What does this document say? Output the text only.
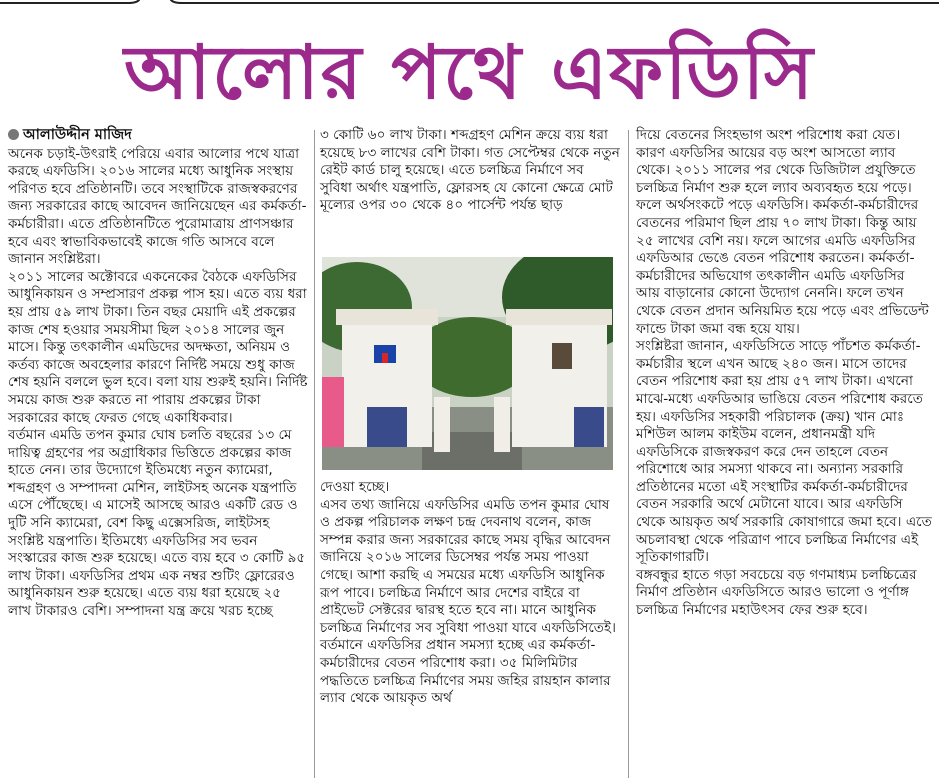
আলোর পথে এফডিসি
আলাউদ্দীন মাজিদ

অনেক চড়াই-উৎরাই পেরিয়ে এবার আলোর পথে যাত্রা করছে এফডিসি। ২০১৬ সালের মধ্যে আধুনিক সংস্থায় পরিণত হবে প্রতিষ্ঠানটি। তবে সংস্থাটিকে রাজস্বকরণের জন্য সরকারের কাছে আবেদন জানিয়েছেন এর কর্মকর্তা-কর্মচারীরা। এতে প্রতিষ্ঠানটিতে পুরোমাত্রায় প্রাণসঞ্চার হবে এবং স্বাভাবিকভাবেই কাজে গতি আসবে বলে জানান সংশ্লিষ্টরা।

২০১১ সালের অক্টোবরে একনেকের বৈঠকে এফডিসির আধুনিকায়ন ও সম্প্রসারণ প্রকল্প পাস হয়। এতে ব্যয় ধরা হয় প্রায় ৫৯ লাখ টাকা। তিন বছর মেয়াদি এই প্রকল্পের কাজ শেষ হওয়ার সময়সীমা ছিল ২০১৪ সালের জুন মাসে। কিন্তু তৎকালীন এমডিদের অদক্ষতা, অনিয়ম ও কর্তব্য কাজে অবহেলার কারণে নির্দিষ্ট সময়ে শুধু কাজ শেষ হয়নি বললে ভুল হবে। বলা যায় শুরুই হয়নি। নির্দিষ্ট সময়ে কাজ শুরু করতে না পারায় প্রকল্পের টাকা সরকারের কাছে ফেরত গেছে একাধিকবার।

বর্তমান এমডি তপন কুমার ঘোষ চলতি বছরের ১৩ মে দায়িত্ব গ্রহণের পর অগ্রাধিকার ভিত্তিতে প্রকল্পের কাজ হাতে নেন। তার উদ্যোগে ইতিমধ্যে নতুন ক্যামেরা, শব্দগ্রহণ ও সম্পাদনা মেশিন, লাইটসহ অনেক যন্ত্রপাতি এসে পৌঁছেছে। এ মাসেই আসছে আরও একটি রেড ও দুটি সনি ক্যামেরা, বেশ কিছু এক্সেসরিজ, লাইটসহ সংশ্লিষ্ট যন্ত্রপাতি। ইতিমধ্যে এফডিসির সব ভবন সংস্কারের কাজ শুরু হয়েছে। এতে ব্যয় হবে ৩ কোটি ৯৫ লাখ টাকা। এফডিসির প্রথম এক নম্বর শুটিং ফ্লোরেরও আধুনিকায়ন শুরু হয়েছে। এতে ব্যয় ধরা হয়েছে ২৫ লাখ টাকারও বেশি। সম্পাদনা যন্ত্র ক্রয়ে খরচ হচ্ছে

৩ কোটি ৬০ লাখ টাকা। শব্দগ্রহণ মেশিন ক্রয়ে ব্যয় ধরা হয়েছে ৮৩ লাখের বেশি টাকা। গত সেপ্টেম্বর থেকে নতুন রেইট কার্ড চালু হয়েছে। এতে চলচ্চিত্র নির্মাণে সব সুবিধা অর্থাৎ যন্ত্রপাতি, ফ্লোরসহ যে কোনো ক্ষেত্রে মোট মূল্যের ওপর ৩০ থেকে ৪০ পার্সেন্ট পর্যন্ত ছাড়

দেওয়া হচ্ছে।

এসব তথ্য জানিয়ে এফডিসির এমডি তপন কুমার ঘোষ ও প্রকল্প পরিচালক লক্ষণ চন্দ্র দেবনাথ বলেন, কাজ সম্পন্ন করার জন্য সরকারের কাছে সময় বৃদ্ধির আবেদন জানিয়ে ২০১৬ সালের ডিসেম্বর পর্যন্ত সময় পাওয়া গেছে। আশা করছি এ সময়ের মধ্যে এফডিসি আধুনিক রূপ পাবে। চলচ্চিত্র নির্মাণে আর দেশের বাইরে বা প্রাইভেট সেক্টরের দ্বারস্থ হতে হবে না। মানে আধুনিক চলচ্চিত্র নির্মাণের সব সুবিধা পাওয়া যাবে এফডিসিতেই।

বর্তমানে এফডিসির প্রধান সমস্যা হচ্ছে এর কর্মকর্তা-কর্মচারীদের বেতন পরিশোধ করা। ৩৫ মিলিমিটার পদ্ধতিতে চলচ্চিত্র নির্মাণের সময় জহির রায়হান কালার ল্যাব থেকে আয়কৃত অর্থ

দিয়ে বেতনের সিংহভাগ অংশ পরিশোধ করা যেত। কারণ এফডিসির আয়ের বড় অংশ আসতো ল্যাব থেকে। ২০১১ সালের পর থেকে ডিজিটাল প্রযুক্তিতে চলচ্চিত্র নির্মাণ শুরু হলে ল্যাব অব্যবহৃত হয়ে পড়ে। ফলে অর্থসংকটে পড়ে এফডিসি। কর্মকর্তা-কর্মচারীদের বেতনের পরিমাণ ছিল প্রায় ৭০ লাখ টাকা। কিন্তু আয় ২৫ লাখের বেশি নয়। ফলে আগের এমডি এফডিসির এফডিআর ভেঙে বেতন পরিশোধ করতেন। কর্মকর্তা-কর্মচারীদের অভিযোগ তৎকালীন এমডি এফডিসির আয় বাড়ানোর কোনো উদ্যোগ নেননি। ফলে তখন থেকে বেতন প্রদান অনিয়মিত হয়ে পড়ে এবং প্রভিডেন্ট ফান্ডে টাকা জমা বন্ধ হয়ে যায়।

সংশ্লিষ্টরা জানান, এফডিসিতে সাড়ে পাঁচশত কর্মকর্তা-কর্মচারীর স্থলে এখন আছে ২৪০ জন। মাসে তাদের বেতন পরিশোধ করা হয় প্রায় ৫৭ লাখ টাকা। এখনো মাঝে-মধ্যে এফডিআর ভাঙিয়ে বেতন পরিশোধ করতে হয়। এফডিসির সহকারী পরিচালক (ক্রয়) খান মোঃ মশিউল আলম কাইউম বলেন, প্রধানমন্ত্রী যদি এফডিসিকে রাজস্বকরণ করে দেন তাহলে বেতন পরিশোধে আর সমস্যা থাকবে না। অন্যান্য সরকারি প্রতিষ্ঠানের মতো এই সংস্থাটির কর্মকর্তা-কর্মচারীদের বেতন সরকারি অর্থে মেটানো যাবে। আর এফডিসি থেকে আয়কৃত অর্থ সরকারি কোষাগারে জমা হবে। এতে অচলাবস্থা থেকে পরিত্রাণ পাবে চলচ্চিত্র নির্মাণের এই সূতিকাগারটি।

বঙ্গবন্ধুর হাতে গড়া সবচেয়ে বড় গণমাধ্যম চলচ্চিত্রের নির্মাণ প্রতিষ্ঠান এফডিসিতে আরও ভালো ও পূর্ণাঙ্গ চলচ্চিত্র নির্মাণের মহাউৎসব ফের শুরু হবে।
